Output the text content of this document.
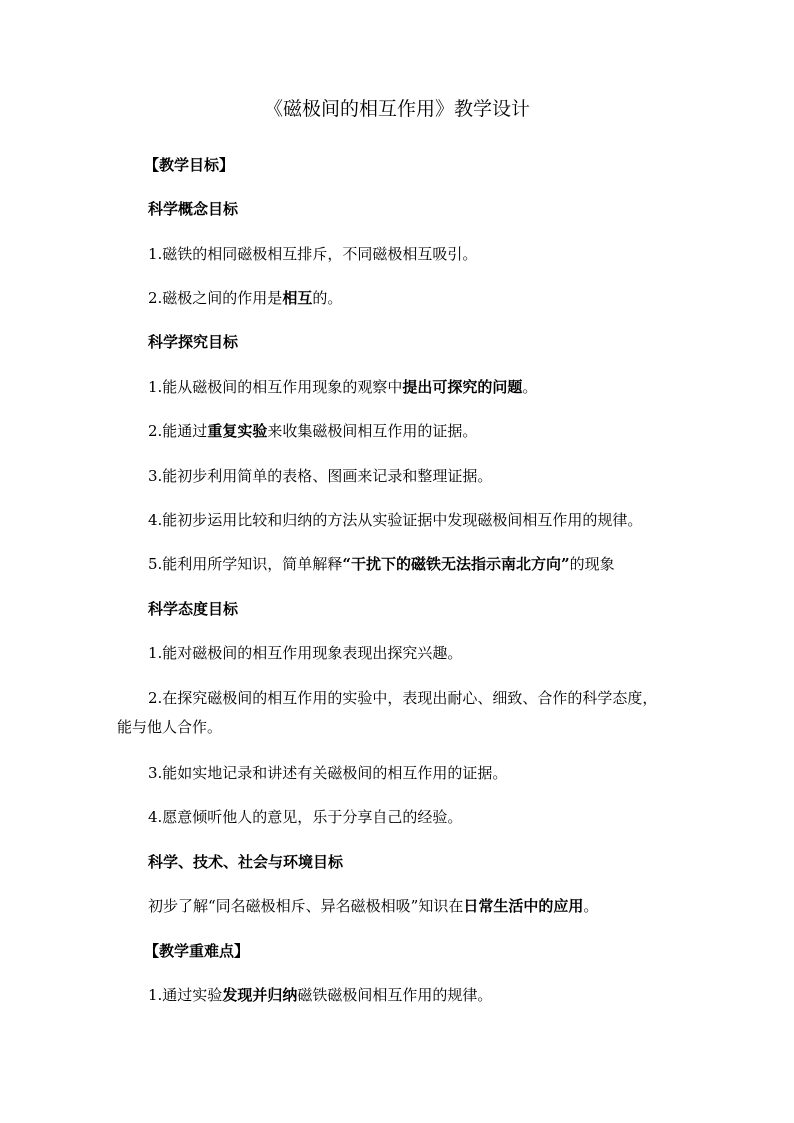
《磁极间的相互作用》教学设计
【教学目标】
科学概念目标
1.磁铁的相同磁极相互排斥，不同磁极相互吸引。
2.磁极之间的作用是相互的。
科学探究目标
1.能从磁极间的相互作用现象的观察中提出可探究的问题。
2.能通过重复实验来收集磁极间相互作用的证据。
3.能初步利用简单的表格、图画来记录和整理证据。
4.能初步运用比较和归纳的方法从实验证据中发现磁极间相互作用的规律。
5.能利用所学知识，简单解释“干扰下的磁铁无法指示南北方向”的现象
科学态度目标
1.能对磁极间的相互作用现象表现出探究兴趣。
2.在探究磁极间的相互作用的实验中，表现出耐心、细致、合作的科学态度，
能与他人合作。
3.能如实地记录和讲述有关磁极间的相互作用的证据。
4.愿意倾听他人的意见，乐于分享自己的经验。
科学、技术、社会与环境目标
初步了解“同名磁极相斥、异名磁极相吸”知识在日常生活中的应用。
【教学重难点】
1.通过实验发现并归纳磁铁磁极间相互作用的规律。
